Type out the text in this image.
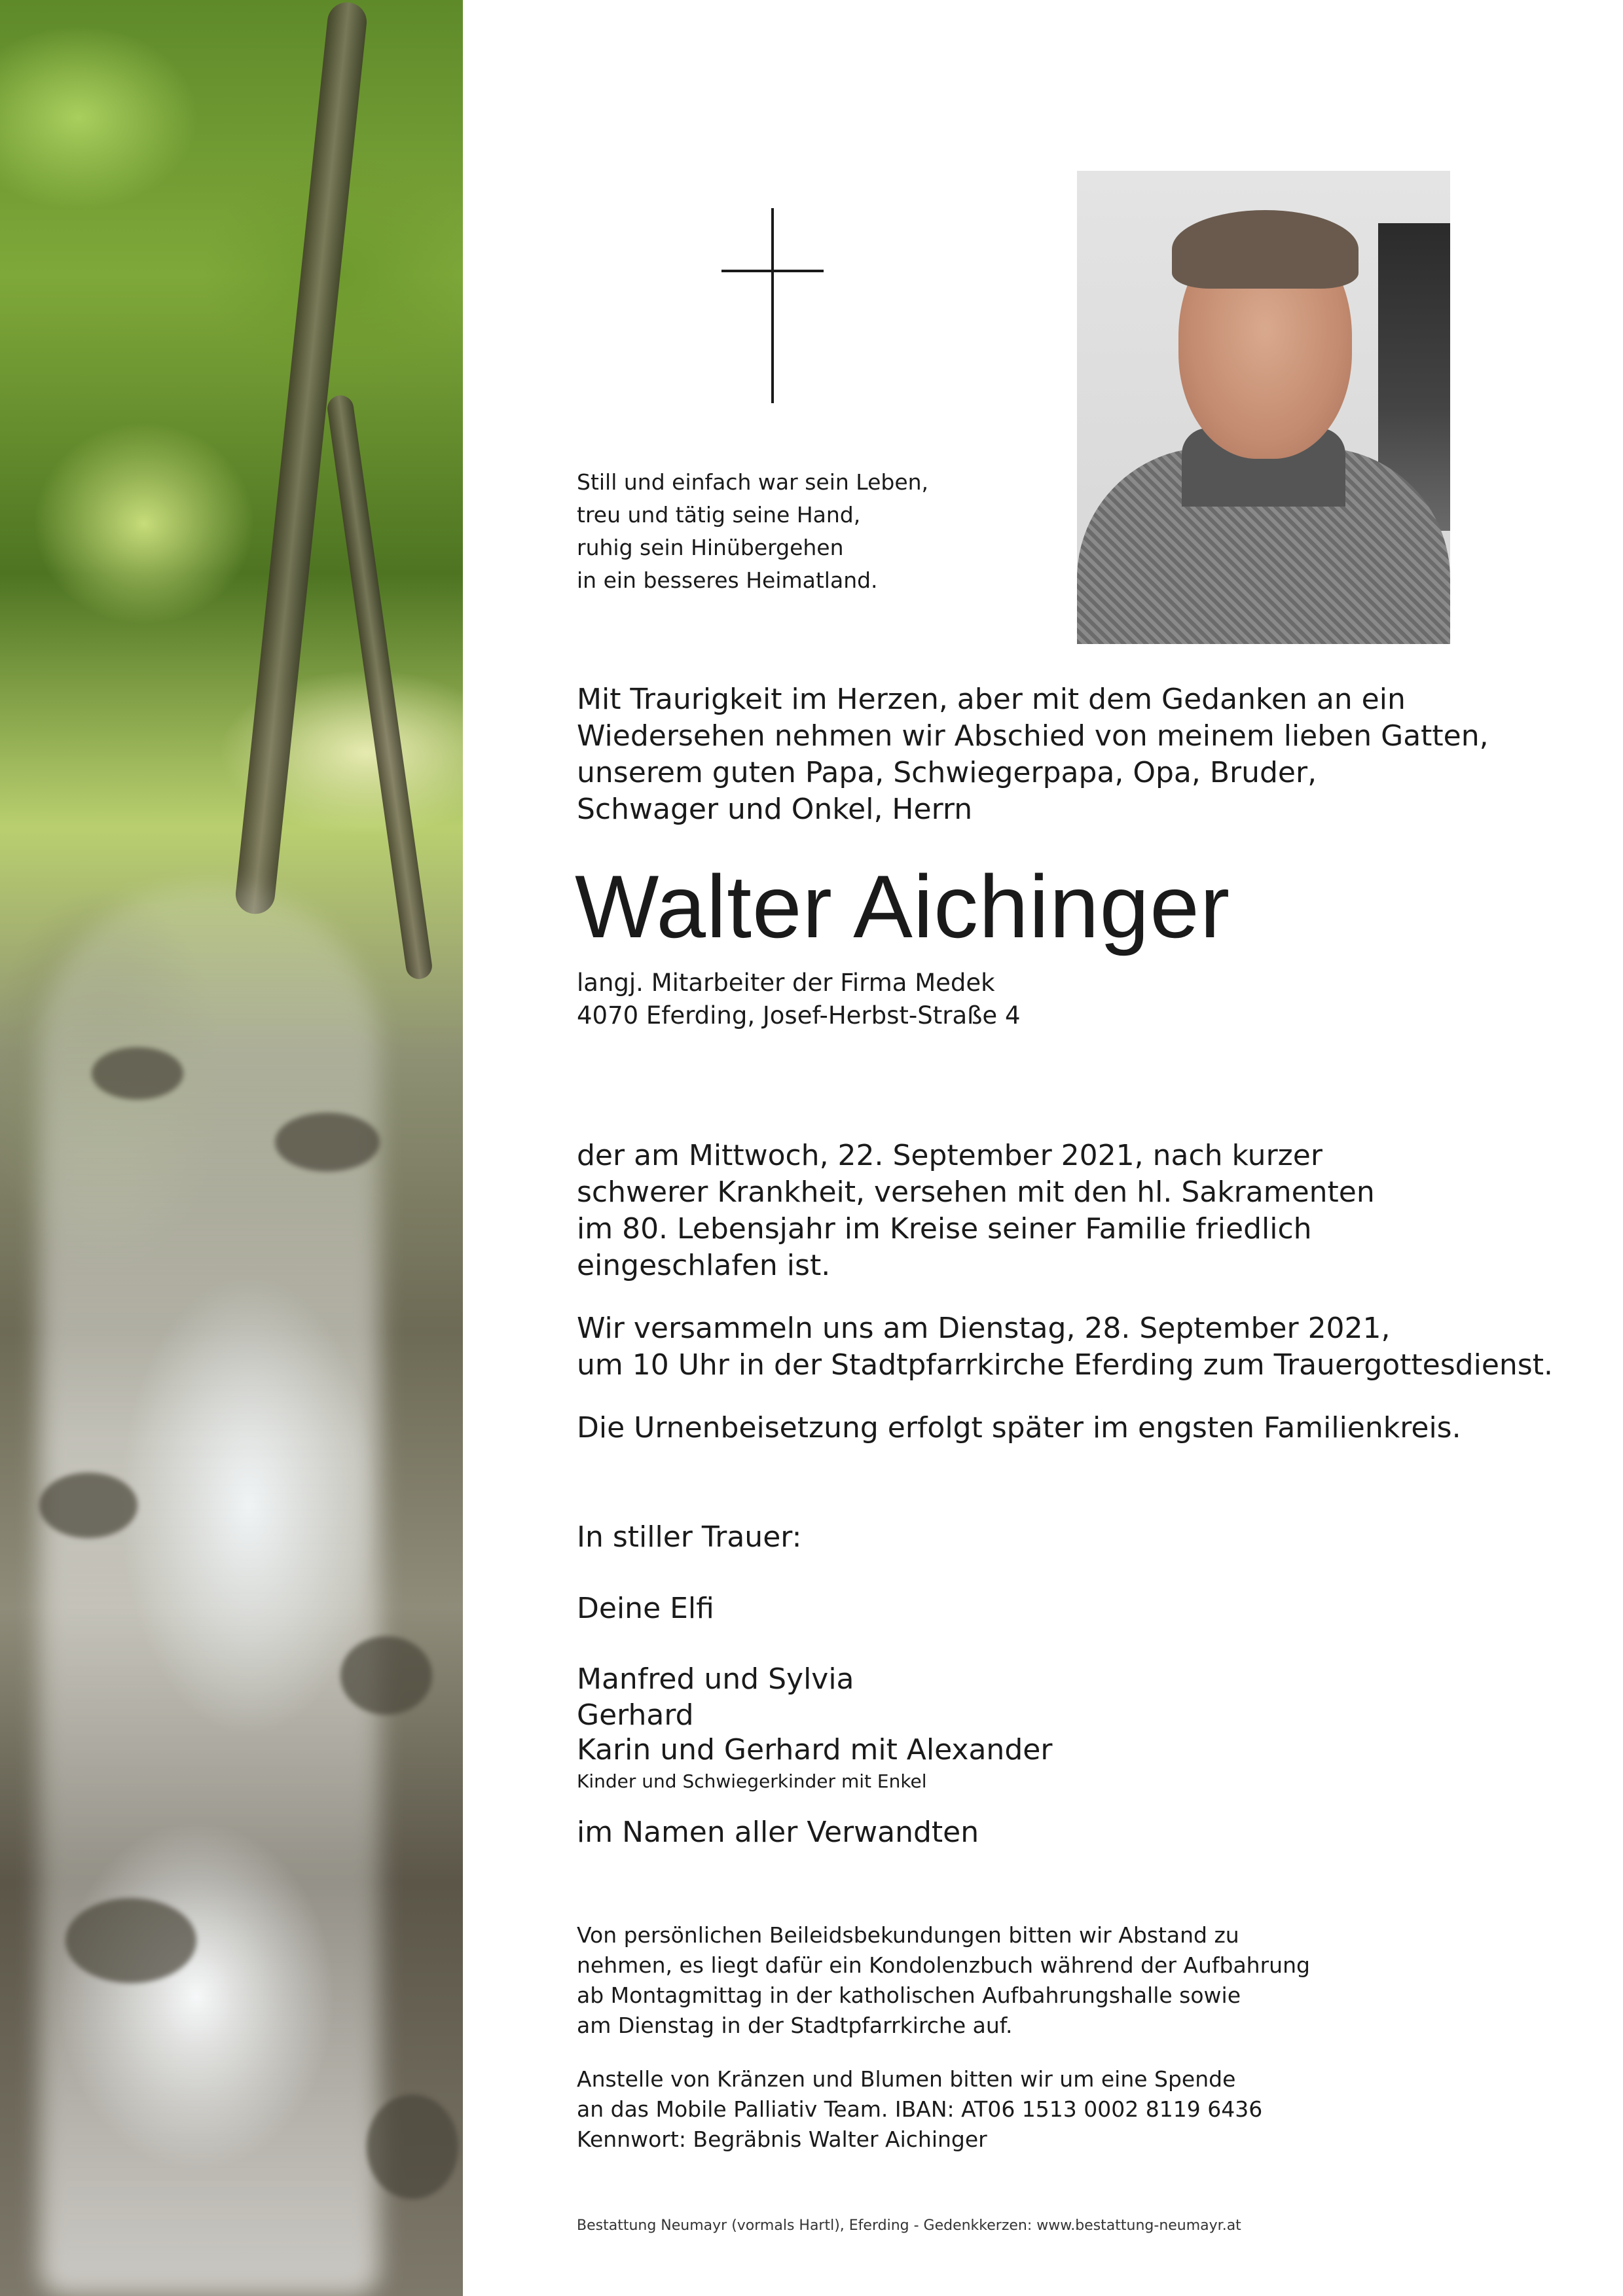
Still und einfach war sein Leben,
treu und tätig seine Hand,
ruhig sein Hinübergehen
in ein besseres Heimatland.

Mit Traurigkeit im Herzen, aber mit dem Gedanken an ein
Wiedersehen nehmen wir Abschied von meinem lieben Gatten,
unserem guten Papa, Schwiegerpapa, Opa, Bruder,
Schwager und Onkel, Herrn

Walter Aichinger

langj. Mitarbeiter der Firma Medek

4070 Eferding, Josef-Herbst-Straße 4

der am Mittwoch, 22. September 2021, nach kurzer
schwerer Krankheit, versehen mit den hl. Sakramenten
im 80. Lebensjahr im Kreise seiner Familie friedlich
eingeschlafen ist.

Wir versammeln uns am Dienstag, 28. September 2021,
um 10 Uhr in der Stadtpfarrkirche Eferding zum Trauergottesdienst.

Die Urnenbeisetzung erfolgt später im engsten Familienkreis.

In stiller Trauer:

Deine Elfi

Manfred und Sylvia

Gerhard

Karin und Gerhard mit Alexander

Kinder und Schwiegerkinder mit Enkel

im Namen aller Verwandten

Von persönlichen Beileidsbekundungen bitten wir Abstand zu
nehmen, es liegt dafür ein Kondolenzbuch während der Aufbahrung
ab Montagmittag in der katholischen Aufbahrungshalle sowie
am Dienstag in der Stadtpfarrkirche auf.

Anstelle von Kränzen und Blumen bitten wir um eine Spende
an das Mobile Palliativ Team. IBAN: AT06 1513 0002 8119 6436
Kennwort: Begräbnis Walter Aichinger

Bestattung Neumayr (vormals Hartl), Eferding - Gedenkkerzen: www.bestattung-neumayr.at
